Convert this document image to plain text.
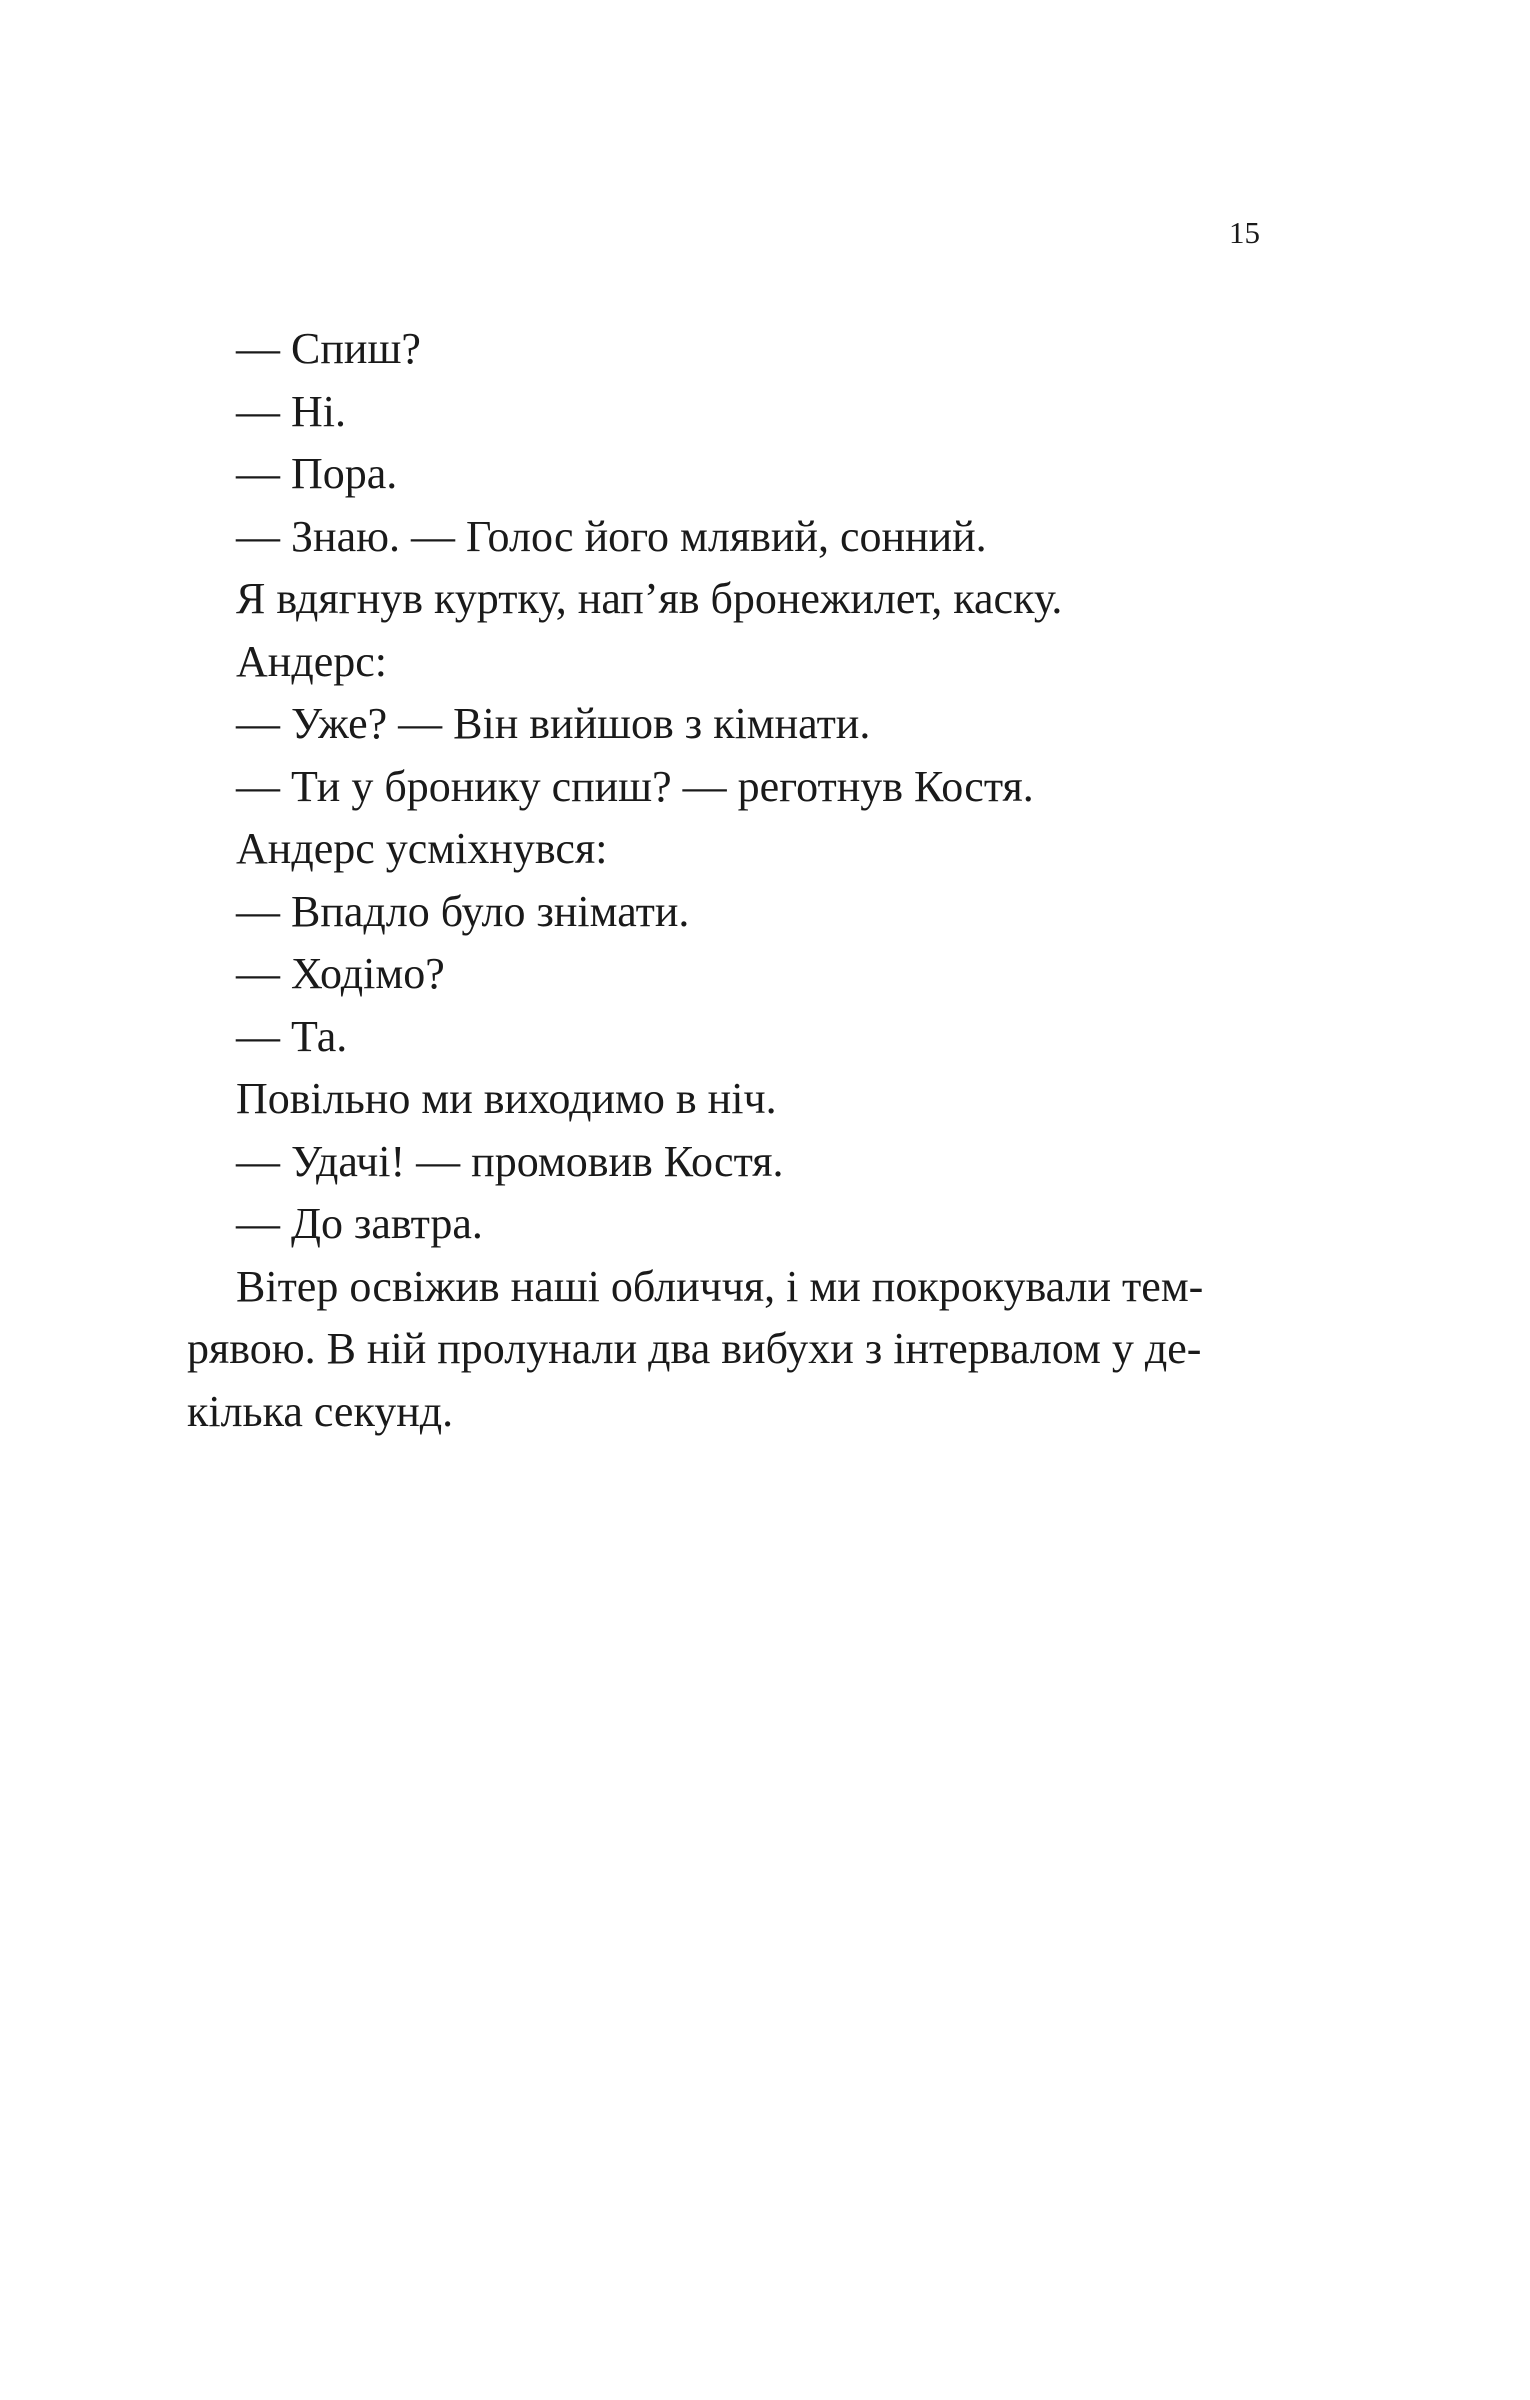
15

— Спиш?

— Ні.

— Пора.

— Знаю. — Голос його млявий, сонний.

Я вдягнув куртку, нап’яв бронежилет, каску.

Андерс:

— Уже? — Він вийшов з кімнати.

— Ти у бронику спиш? — реготнув Костя.

Андерс усміхнувся:

— Впадло було знімати.

— Ходімо?

— Та.

Повільно ми виходимо в ніч.

— Удачі! — промовив Костя.

— До завтра.

Вітер освіжив наші обличчя, і ми покрокували тем-
рявою. В ній пролунали два вибухи з інтервалом у де-
кілька секунд.
